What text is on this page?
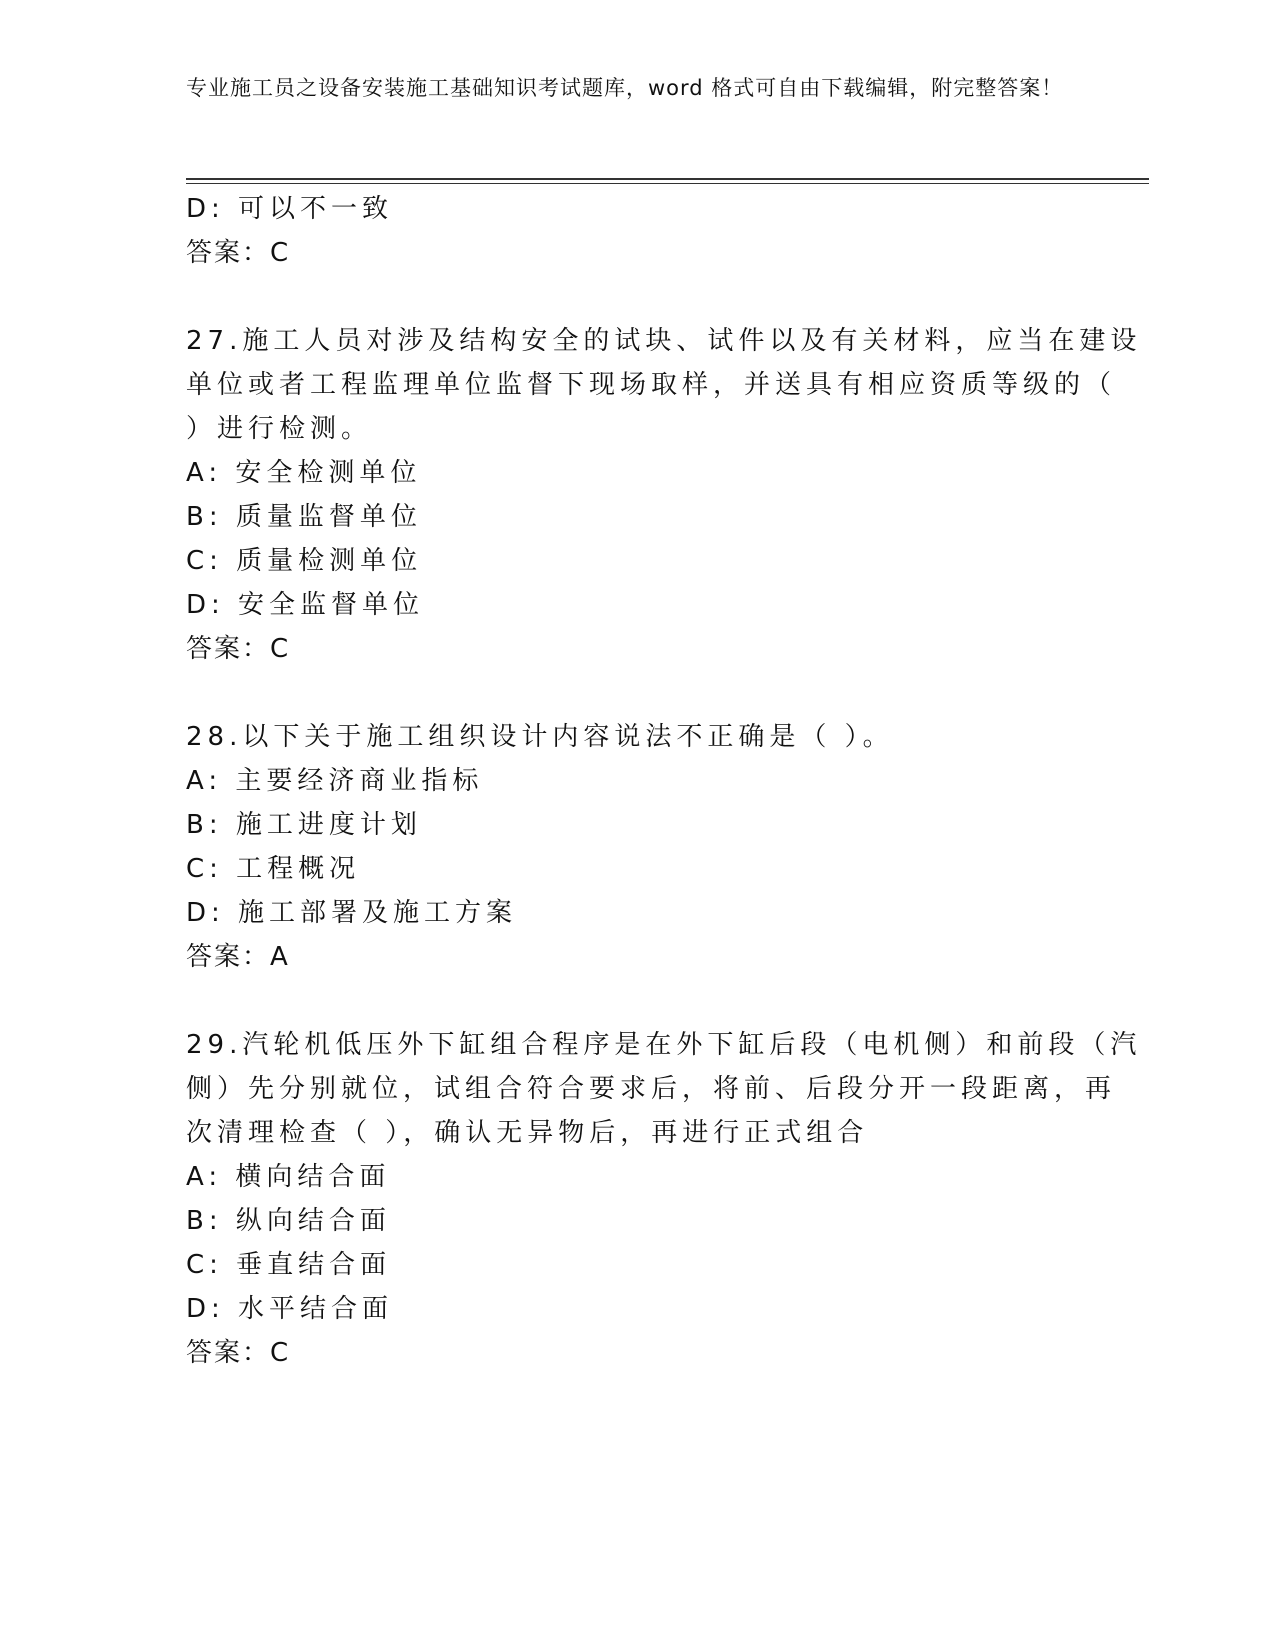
专业施工员之设备安装施工基础知识考试题库，word 格式可自由下载编辑，附完整答案！
D: 可以不一致
答案：C
27.施工人员对涉及结构安全的试块、试件以及有关材料，应当在建设
单位或者工程监理单位监督下现场取样，并送具有相应资质等级的（
）进行检测。
A: 安全检测单位
B: 质量监督单位
C: 质量检测单位
D: 安全监督单位
答案：C
28.以下关于施工组织设计内容说法不正确是（ ）。
A: 主要经济商业指标
B: 施工进度计划
C: 工程概况
D: 施工部署及施工方案
答案：A
29.汽轮机低压外下缸组合程序是在外下缸后段（电机侧）和前段（汽
侧）先分别就位，试组合符合要求后，将前、后段分开一段距离，再
次清理检查（ ），确认无异物后，再进行正式组合
A: 横向结合面
B: 纵向结合面
C: 垂直结合面
D: 水平结合面
答案：C
